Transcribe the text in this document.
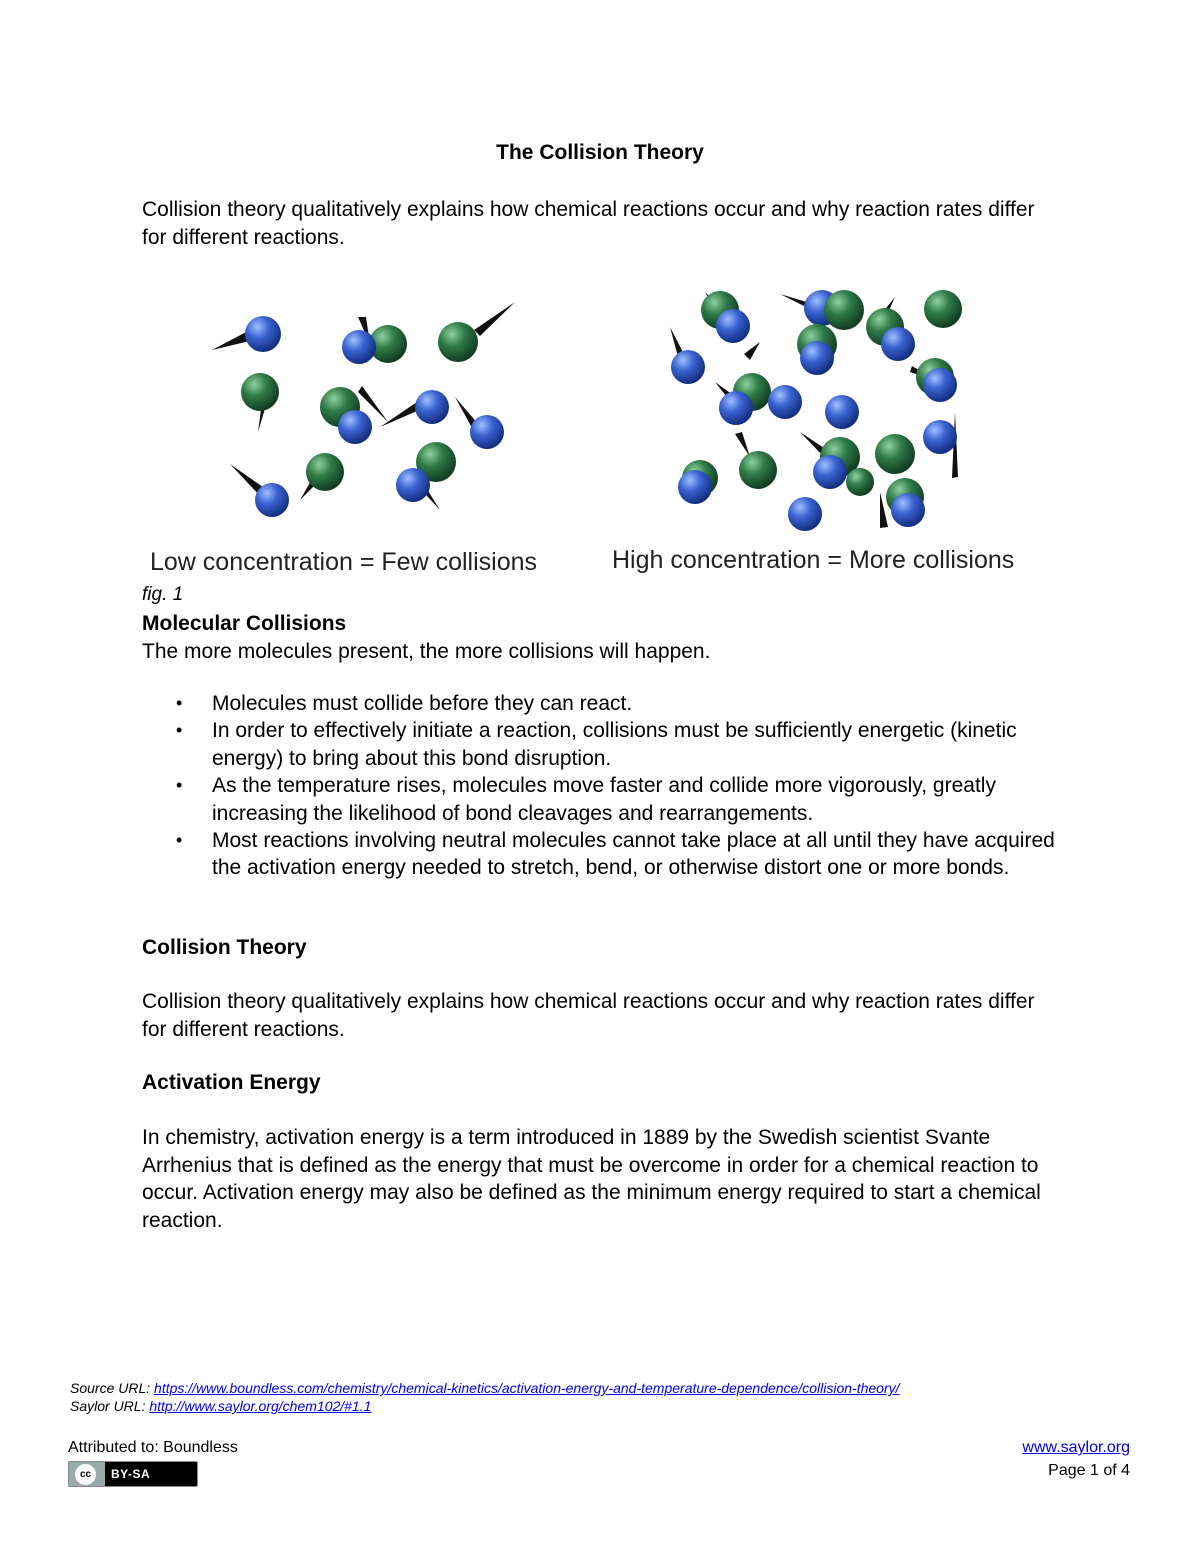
The Collision Theory

Collision theory qualitatively explains how chemical reactions occur and why reaction rates differ for different reactions.

Low concentration = Few collisions	High concentration = More collisions
fig. 1
Molecular Collisions

The more molecules present, the more collisions will happen.

• Molecules must collide before they can react.
• In order to effectively initiate a reaction, collisions must be sufficiently energetic (kinetic energy) to bring about this bond disruption.
• As the temperature rises, molecules move faster and collide more vigorously, greatly increasing the likelihood of bond cleavages and rearrangements.
• Most reactions involving neutral molecules cannot take place at all until they have acquired the activation energy needed to stretch, bend, or otherwise distort one or more bonds.
Collision Theory

Collision theory qualitatively explains how chemical reactions occur and why reaction rates differ for different reactions.

Activation Energy

In chemistry, activation energy is a term introduced in 1889 by the Swedish scientist Svante Arrhenius that is defined as the energy that must be overcome in order for a chemical reaction to occur. Activation energy may also be defined as the minimum energy required to start a chemical reaction.

Source URL: https://www.boundless.com/chemistry/chemical-kinetics/activation-energy-and-temperature-dependence/collision-theory/
Saylor URL: http://www.saylor.org/chem102/#1.1
Attributed to: Boundless
cc	BY-SA
www.saylor.org
Page 1 of 4
